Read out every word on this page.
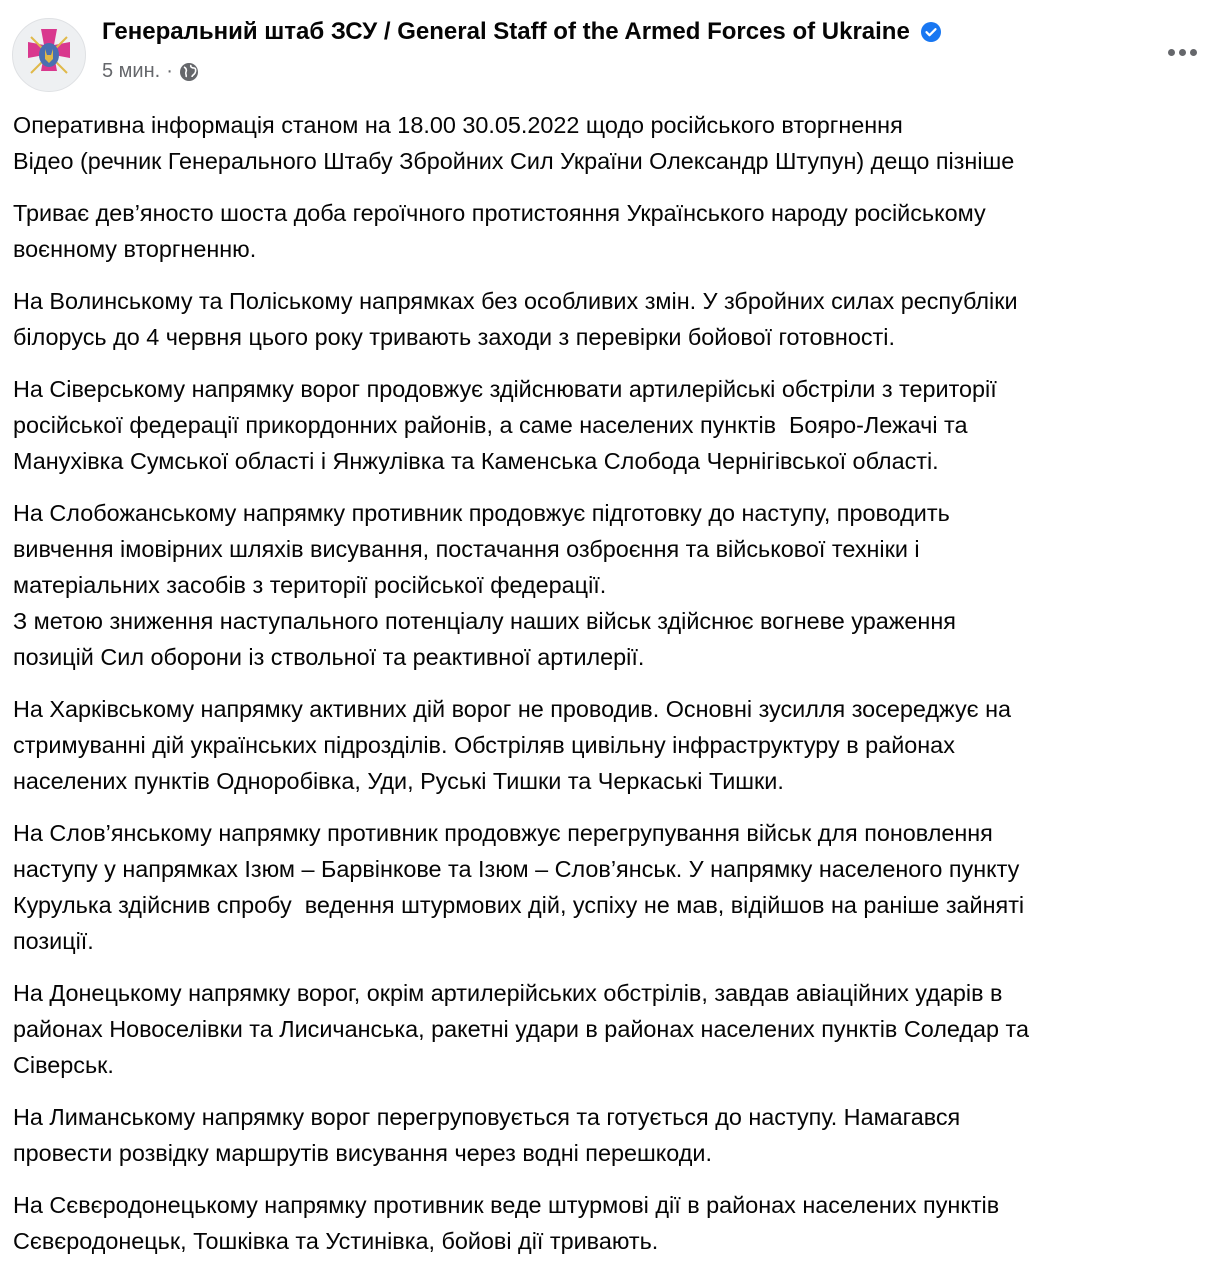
Генеральний штаб ЗСУ / General Staff of the Armed Forces of Ukraine
5 мин. ·
Оперативна інформація станом на 18.00 30.05.2022 щодо російського вторгнення
Відео (речник Генерального Штабу Збройних Сил України Олександр Штупун) дещо пізніше
Триває дев’яносто шоста доба героїчного протистояння Українського народу російському
воєнному вторгненню.
На Волинському та Поліському напрямках без особливих змін. У збройних силах республіки
білорусь до 4 червня цього року тривають заходи з перевірки бойової готовності.
На Сіверському напрямку ворог продовжує здійснювати артилерійські обстріли з території
російської федерації прикордонних районів, а саме населених пунктів  Бояро-Лежачі та
Манухівка Сумської області і Янжулівка та Каменська Слобода Чернігівської області.
На Слобожанському напрямку противник продовжує підготовку до наступу, проводить
вивчення імовірних шляхів висування, постачання озброєння та військової техніки і
матеріальних засобів з території російської федерації.
З метою зниження наступального потенціалу наших військ здійснює вогневе ураження
позицій Сил оборони із ствольної та реактивної артилерії.
На Харківському напрямку активних дій ворог не проводив. Основні зусилля зосереджує на
стримуванні дій українських підрозділів. Обстріляв цивільну інфраструктуру в районах
населених пунктів Одноробівка, Уди, Руські Тишки та Черкаські Тишки.
На Слов’янському напрямку противник продовжує перегрупування військ для поновлення
наступу у напрямках Ізюм – Барвінкове та Ізюм – Слов’янськ. У напрямку населеного пункту
Курулька здійснив спробу  ведення штурмових дій, успіху не мав, відійшов на раніше зайняті
позиції.
На Донецькому напрямку ворог, окрім артилерійських обстрілів, завдав авіаційних ударів в
районах Новоселівки та Лисичанська, ракетні удари в районах населених пунктів Соледар та
Сіверськ.
На Лиманському напрямку ворог перегруповується та готується до наступу. Намагався
провести розвідку маршрутів висування через водні перешкоди.
На Сєвєродонецькому напрямку противник веде штурмові дії в районах населених пунктів
Сєвєродонецьк, Тошківка та Устинівка, бойові дії тривають.
